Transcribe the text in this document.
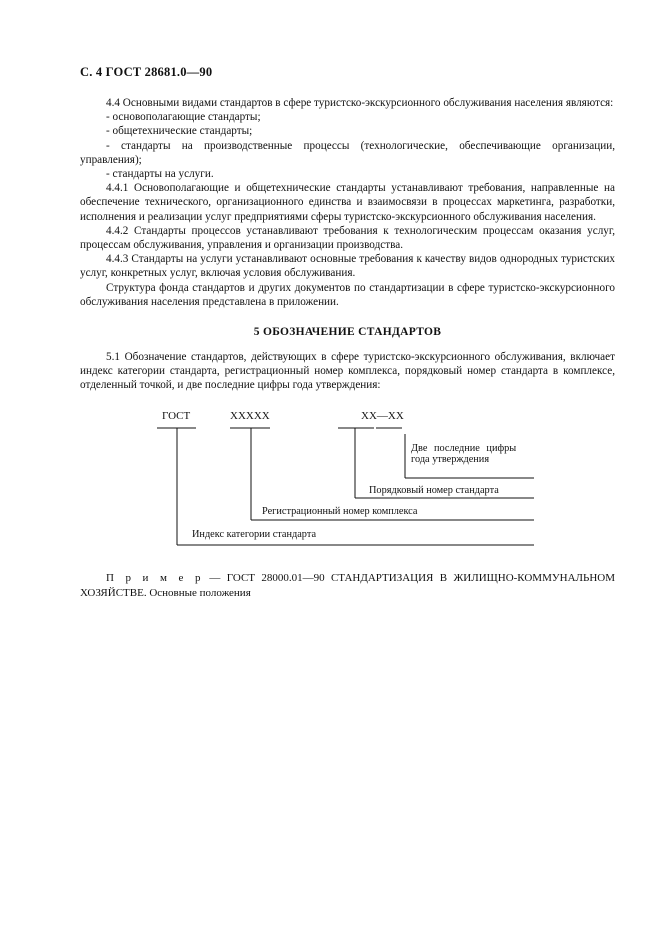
С. 4 ГОСТ 28681.0—90

4.4 Основными видами стандартов в сфере туристско-экскурсионного обслуживания населения являются:

- основополагающие стандарты;

- общетехнические стандарты;

- стандарты на производственные процессы (технологические, обеспечивающие организации, управления);

- стандарты на услуги.

4.4.1 Основополагающие и общетехнические стандарты устанавливают требования, направленные на обеспечение технического, организационного единства и взаимосвязи в процессах маркетинга, разработки, исполнения и реализации услуг предприятиями сферы туристско-экскурсионного обслуживания населения.

4.4.2 Стандарты процессов устанавливают требования к технологическим процессам оказания услуг, процессам обслуживания, управления и организации производства.

4.4.3 Стандарты на услуги устанавливают основные требования к качеству видов однородных туристских услуг, конкретных услуг, включая условия обслуживания.

Структура фонда стандартов и других документов по стандартизации в сфере туристско-экскурсионного обслуживания населения представлена в приложении.

5 ОБОЗНАЧЕНИЕ СТАНДАРТОВ

5.1 Обозначение стандартов, действующих в сфере туристско-экскурсионного обслуживания, включает индекс категории стандарта, регистрационный номер комплекса, порядковый номер стандарта в комплексе, отделенный точкой, и две последние цифры года утверждения:

ГОСТ	ХХХХХ	ХХ—ХХ
Две последние цифры
года утверждения
Порядковый номер стандарта
Регистрационный номер комплекса
Индекс категории стандарта
П р и м е р — ГОСТ 28000.01—90 СТАНДАРТИЗАЦИЯ В ЖИЛИЩНО-КОММУНАЛЬНОМ ХОЗЯЙСТВЕ. Основные положения
